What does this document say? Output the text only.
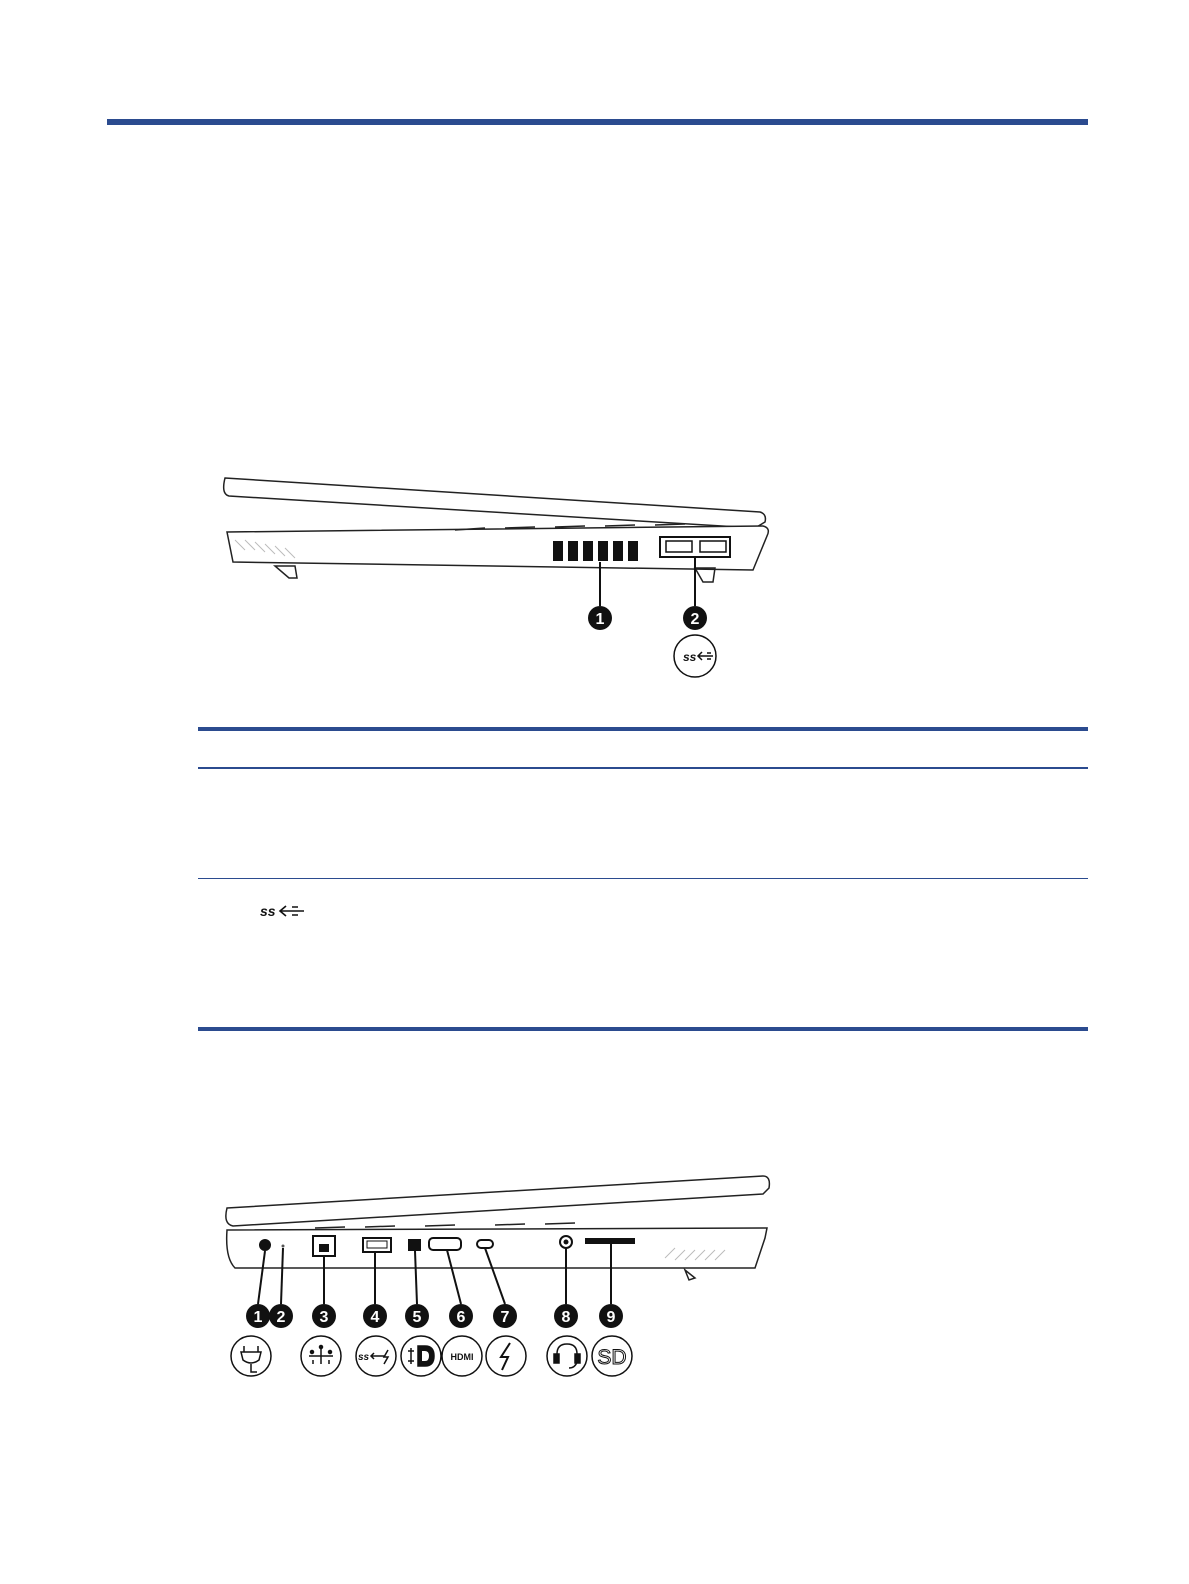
1	2
ss
ss
1 2 3	4 5 6 7	8 9
ss	HDMI	SD
